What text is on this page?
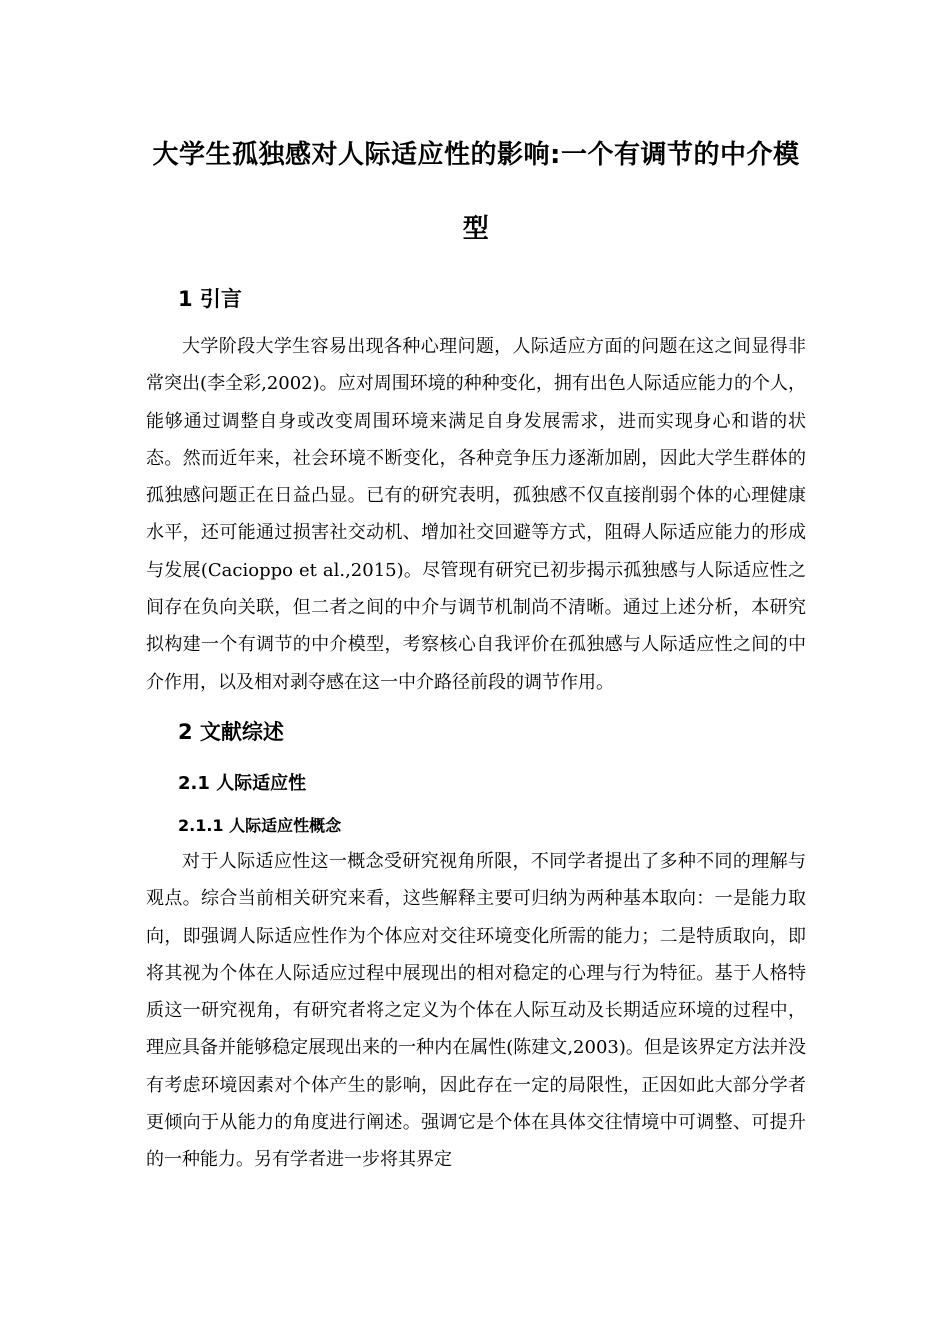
大学生孤独感对人际适应性的影响:一个有调节的中介模型
1 引言

大学阶段大学生容易出现各种心理问题，人际适应方面的问题在这之间显得非常突出(李全彩,2002)。应对周围环境的种种变化，拥有出色人际适应能力的个人，能够通过调整自身或改变周围环境来满足自身发展需求，进而实现身心和谐的状态。然而近年来，社会环境不断变化，各种竞争压力逐渐加剧，因此大学生群体的孤独感问题正在日益凸显。已有的研究表明，孤独感不仅直接削弱个体的心理健康水平，还可能通过损害社交动机、增加社交回避等方式，阻碍人际适应能力的形成与发展(Cacioppo et al.,2015)。尽管现有研究已初步揭示孤独感与人际适应性之间存在负向关联，但二者之间的中介与调节机制尚不清晰。通过上述分析，本研究拟构建一个有调节的中介模型，考察核心自我评价在孤独感与人际适应性之间的中介作用，以及相对剥夺感在这一中介路径前段的调节作用。

2 文献综述
2.1 人际适应性
2.1.1 人际适应性概念

对于人际适应性这一概念受研究视角所限，不同学者提出了多种不同的理解与观点。综合当前相关研究来看，这些解释主要可归纳为两种基本取向：一是能力取向，即强调人际适应性作为个体应对交往环境变化所需的能力；二是特质取向，即将其视为个体在人际适应过程中展现出的相对稳定的心理与行为特征。基于人格特质这一研究视角，有研究者将之定义为个体在人际互动及长期适应环境的过程中，理应具备并能够稳定展现出来的一种内在属性(陈建文,2003)。但是该界定方法并没有考虑环境因素对个体产生的影响，因此存在一定的局限性，正因如此大部分学者更倾向于从能力的角度进行阐述。强调它是个体在具体交往情境中可调整、可提升的一种能力。另有学者进一步将其界定
